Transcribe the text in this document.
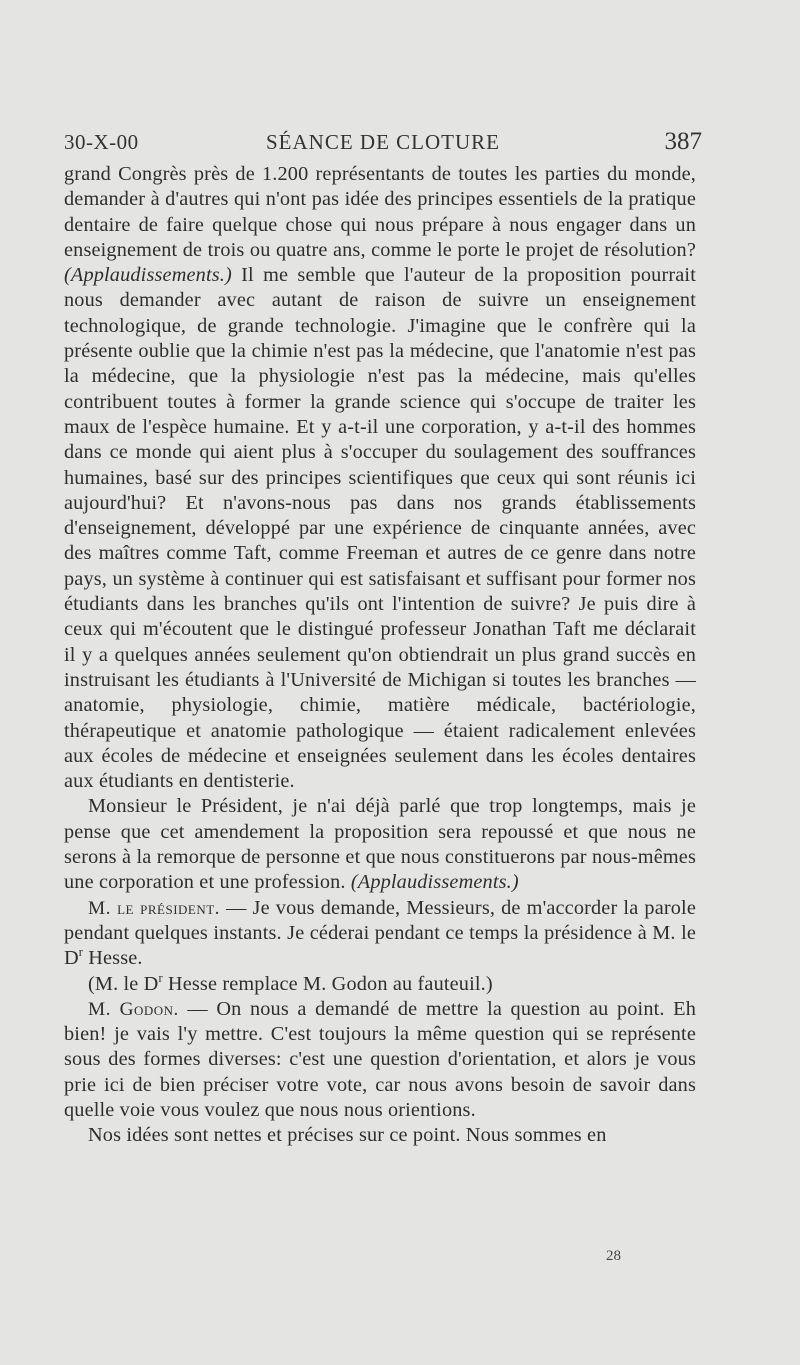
30-X-00	SÉANCE DE CLOTURE	387

grand Congrès près de 1.200 représentants de toutes les parties du monde, demander à d'autres qui n'ont pas idée des principes essentiels de la pratique dentaire de faire quelque chose qui nous prépare à nous engager dans un enseignement de trois ou quatre ans, comme le porte le projet de résolution? (Applaudissements.) Il me semble que l'auteur de la proposition pourrait nous demander avec autant de raison de suivre un enseignement technologique, de grande technologie. J'imagine que le confrère qui la présente oublie que la chimie n'est pas la médecine, que l'anatomie n'est pas la médecine, que la physiologie n'est pas la médecine, mais qu'elles contribuent toutes à former la grande science qui s'occupe de traiter les maux de l'espèce humaine. Et y a-t-il une corporation, y a-t-il des hommes dans ce monde qui aient plus à s'occuper du soulagement des souffrances humaines, basé sur des principes scientifiques que ceux qui sont réunis ici aujourd'hui? Et n'avons-nous pas dans nos grands établissements d'enseignement, développé par une expérience de cinquante années, avec des maîtres comme Taft, comme Freeman et autres de ce genre dans notre pays, un système à continuer qui est satisfaisant et suffisant pour former nos étudiants dans les branches qu'ils ont l'intention de suivre? Je puis dire à ceux qui m'écoutent que le distingué professeur Jonathan Taft me déclarait il y a quelques années seulement qu'on obtiendrait un plus grand succès en instruisant les étudiants à l'Université de Michigan si toutes les branches — anatomie, physiologie, chimie, matière médicale, bactériologie, thérapeutique et anatomie pathologique — étaient radicalement enlevées aux écoles de médecine et enseignées seulement dans les écoles dentaires aux étudiants en dentisterie.

Monsieur le Président, je n'ai déjà parlé que trop longtemps, mais je pense que cet amendement la proposition sera repoussé et que nous ne serons à la remorque de personne et que nous constituerons par nous-mêmes une corporation et une profession. (Applaudissements.)

M. le président. — Je vous demande, Messieurs, de m'accorder la parole pendant quelques instants. Je céderai pendant ce temps la présidence à M. le $D^r$ Hesse.

(M. le $D^r$ Hesse remplace M. Godon au fauteuil.)

M. Godon. — On nous a demandé de mettre la question au point. Eh bien! je vais l'y mettre. C'est toujours la même question qui se représente sous des formes diverses: c'est une question d'orientation, et alors je vous prie ici de bien préciser votre vote, car nous avons besoin de savoir dans quelle voie vous voulez que nous nous orientions.

Nos idées sont nettes et précises sur ce point. Nous sommes en

28
